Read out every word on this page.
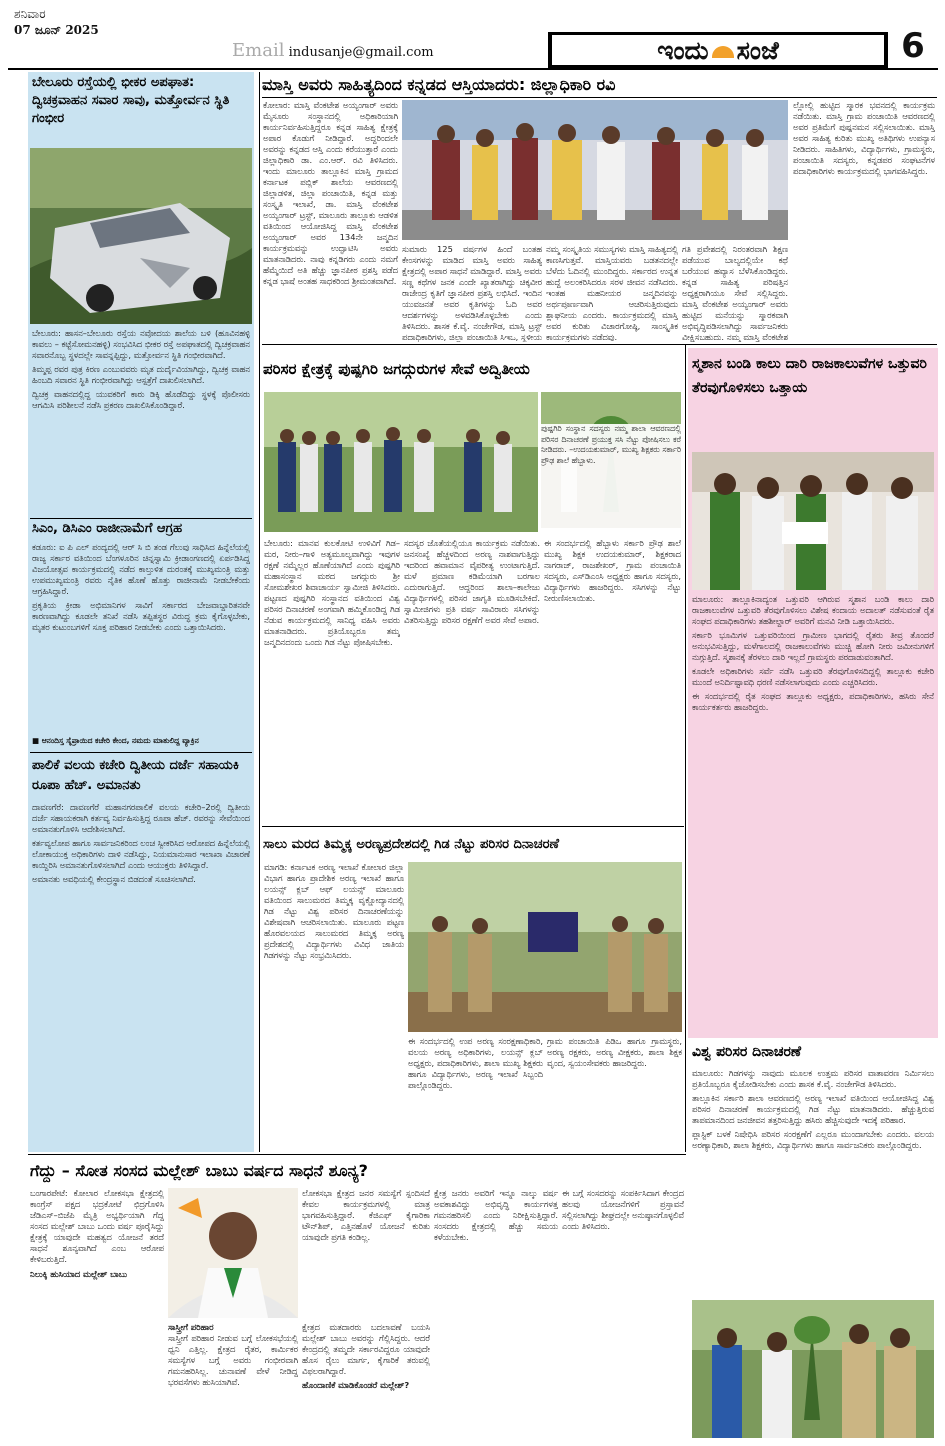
ಶನಿವಾರ
07 ಜೂನ್ 2025
Email indusanje@gmail.com	ಇಂದು ಸಂಜೆ	6
ಬೇಲೂರು ರಸ್ತೆಯಲ್ಲಿ ಭೀಕರ ಅಪಘಾತ: ದ್ವಿಚಕ್ರವಾಹನ ಸವಾರ ಸಾವು, ಮತ್ತೋರ್ವನ ಸ್ಥಿತಿ ಗಂಭೀರ

ಬೇಲೂರು: ಹಾಸನ–ಬೇಲೂರು ರಸ್ತೆಯ ನವೋದಯ ಶಾಲೆಯ ಬಳಿ (ಹೂವಿನಹಳ್ಳಿ ಕಾವಲು – ಕಟ್ಟೆಸೋಮನಹಳ್ಳಿ) ಸಂಭವಿಸಿದ ಭೀಕರ ರಸ್ತೆ ಅಪಘಾತದಲ್ಲಿ ದ್ವಿಚಕ್ರವಾಹನ ಸವಾರನೊಬ್ಬ ಸ್ಥಳದಲ್ಲೇ ಸಾವನ್ನಪ್ಪಿದ್ದು, ಮತ್ತೋರ್ವನ ಸ್ಥಿತಿ ಗಂಭೀರವಾಗಿದೆ.

ತಿಮ್ಮಪ್ಪ ರವರ ಪುತ್ರ ಕಿರಣ ಎಂಬುವವರು ಮೃತ ದುರ್ದೈವಿಯಾಗಿದ್ದು, ದ್ವಿಚಕ್ರ ವಾಹನ ಹಿಂಬದಿ ಸವಾರನ ಸ್ಥಿತಿ ಗಂಭೀರವಾಗಿದ್ದು ಆಸ್ಪತ್ರೆಗೆ ದಾಖಲಿಸಲಾಗಿದೆ.

ದ್ವಿಚಕ್ರ ವಾಹನದಲ್ಲಿದ್ದ ಯುವಕರಿಗೆ ಕಾರು ಡಿಕ್ಕಿ ಹೊಡೆದಿದ್ದು ಸ್ಥಳಕ್ಕೆ ಪೊಲೀಸರು ಆಗಮಿಸಿ ಪರಿಶೀಲನೆ ನಡೆಸಿ ಪ್ರಕರಣ ದಾಖಲಿಸಿಕೊಂಡಿದ್ದಾರೆ.

ಸಿಎಂ, ಡಿಸಿಎಂ ರಾಜೀನಾಮೆಗೆ ಆಗ್ರಹ

ಕಡೂರು: ಐ ಪಿ ಎಲ್ ಪಂದ್ಯದಲ್ಲಿ ಆರ್ ಸಿ ಬಿ ತಂಡ ಗೆಲುವು ಸಾಧಿಸಿದ ಹಿನ್ನೆಲೆಯಲ್ಲಿ ರಾಜ್ಯ ಸರ್ಕಾರ ವತಿಯಿಂದ ಬೆಂಗಳೂರಿನ ಚಿನ್ನಸ್ವಾಮಿ ಕ್ರೀಡಾಂಗಣದಲ್ಲಿ ಏರ್ಪಡಿಸಿದ್ದ ವಿಜಯೋತ್ಸವ ಕಾರ್ಯಕ್ರಮದಲ್ಲಿ ನಡೆದ ಕಾಲ್ತುಳಿತ ದುರಂತಕ್ಕೆ ಮುಖ್ಯಮಂತ್ರಿ ಮತ್ತು ಉಪಮುಖ್ಯಮಂತ್ರಿ ರವರು ನೈತಿಕ ಹೊಣೆ ಹೊತ್ತು ರಾಜೀನಾಮೆ ನೀಡಬೇಕೆಂದು ಆಗ್ರಹಿಸಿದ್ದಾರೆ.

ಪ್ರಕೃತಿಯ ಕ್ರೀಡಾ ಅಭಿಮಾನಿಗಳ ಸಾವಿಗೆ ಸರ್ಕಾರದ ಬೇಜವಾಬ್ದಾರಿತನವೇ ಕಾರಣವಾಗಿದ್ದು ಕೂಡಲೇ ತನಿಖೆ ನಡೆಸಿ ತಪ್ಪಿತಸ್ಥರ ವಿರುದ್ಧ ಕ್ರಮ ಕೈಗೊಳ್ಳಬೇಕು, ಮೃತರ ಕುಟುಂಬಗಳಿಗೆ ಸೂಕ್ತ ಪರಿಹಾರ ನೀಡಬೇಕು ಎಂದು ಒತ್ತಾಯಿಸಿದರು.

■ ಆನಂದಿಸ್ತ ಸೈಪ್ರಾಯಿದ ಕಚೇರಿ ಕೇಂದ, ನಮದು ಮಾತುಲಿದ್ದ ವ್ಯಾಕ್ರಿನ
ಪಾಲಿಕೆ ವಲಯ ಕಚೇರಿ ದ್ವಿತೀಯ ದರ್ಜೆ ಸಹಾಯಕಿ ರೂಪಾ ಹೆಚ್. ಅಮಾನತು

ದಾವಣಗೆರೆ: ದಾವಣಗೆರೆ ಮಹಾನಗರಪಾಲಿಕೆ ವಲಯ ಕಚೇರಿ–2ರಲ್ಲಿ ದ್ವಿತೀಯ ದರ್ಜೆ ಸಹಾಯಕರಾಗಿ ಕರ್ತವ್ಯ ನಿರ್ವಹಿಸುತ್ತಿದ್ದ ರೂಪಾ ಹೆಚ್. ರವರನ್ನು ಸೇವೆಯಿಂದ ಅಮಾನತುಗೊಳಿಸಿ ಆದೇಶಿಸಲಾಗಿದೆ.

ಕರ್ತವ್ಯಲೋಪ ಹಾಗೂ ಸಾರ್ವಜನಿಕರಿಂದ ಲಂಚ ಸ್ವೀಕರಿಸಿದ ಆರೋಪದ ಹಿನ್ನೆಲೆಯಲ್ಲಿ ಲೋಕಾಯುಕ್ತ ಅಧಿಕಾರಿಗಳು ದಾಳಿ ನಡೆಸಿದ್ದು, ನಿಯಮಾನುಸಾರ ಇಲಾಖಾ ವಿಚಾರಣೆ ಕಾಯ್ದಿರಿಸಿ ಅಮಾನತುಗೊಳಿಸಲಾಗಿದೆ ಎಂದು ಆಯುಕ್ತರು ತಿಳಿಸಿದ್ದಾರೆ.

ಅಮಾನತು ಅವಧಿಯಲ್ಲಿ ಕೇಂದ್ರಸ್ಥಾನ ಬಿಡದಂತೆ ಸೂಚಿಸಲಾಗಿದೆ.

ಮಾಸ್ತಿ ಅವರು ಸಾಹಿತ್ಯದಿಂದ ಕನ್ನಡದ ಆಸ್ತಿಯಾದರು: ಜಿಲ್ಲಾಧಿಕಾರಿ ರವಿ
ಕೋಲಾರ: ಮಾಸ್ತಿ ವೆಂಕಟೇಶ ಅಯ್ಯಂಗಾರ್ ಅವರು ಮೈಸೂರು ಸಂಸ್ಥಾನದಲ್ಲಿ ಅಧಿಕಾರಿಯಾಗಿ ಕಾರ್ಯನಿರ್ವಹಿಸುತ್ತಿದ್ದರೂ ಕನ್ನಡ ಸಾಹಿತ್ಯ ಕ್ಷೇತ್ರಕ್ಕೆ ಅಪಾರ ಕೊಡುಗೆ ನೀಡಿದ್ದಾರೆ. ಅದ್ದರಿಂದಲೇ ಅವರನ್ನು ಕನ್ನಡದ ಆಸ್ತಿ ಎಂದು ಕರೆಯುತ್ತಾರೆ ಎಂದು ಜಿಲ್ಲಾಧಿಕಾರಿ ಡಾ. ಎಂ.ಆರ್. ರವಿ ತಿಳಿಸಿದರು. ಇಂದು ಮಾಲೂರು ತಾಲ್ಲೂಕಿನ ಮಾಸ್ತಿ ಗ್ರಾಮದ ಕರ್ನಾಟಕ ಪಬ್ಲಿಕ್ ಶಾಲೆಯ ಆವರಣದಲ್ಲಿ ಜಿಲ್ಲಾಡಳಿತ, ಜಿಲ್ಲಾ ಪಂಚಾಯಿತಿ, ಕನ್ನಡ ಮತ್ತು ಸಂಸ್ಕೃತಿ ಇಲಾಖೆ, ಡಾ. ಮಾಸ್ತಿ ವೆಂಕಟೇಶ ಅಯ್ಯಂಗಾರ್ ಟ್ರಸ್ಟ್, ಮಾಲೂರು ತಾಲ್ಲೂಕು ಆಡಳಿತ ವತಿಯಿಂದ ಆಯೋಜಿಸಿದ್ದ ಮಾಸ್ತಿ ವೆಂಕಟೇಶ ಅಯ್ಯಂಗಾರ್ ಅವರ 134ನೇ ಜನ್ಮದಿನ ಕಾರ್ಯಕ್ರಮವನ್ನು ಉದ್ಘಾಟಿಸಿ ಅವರು ಮಾತನಾಡಿದರು. ನಾವು ಕನ್ನಡಿಗರು ಎಂದು ನಮಗೆ ಹೆಮ್ಮೆಯಿದೆ ಅತಿ ಹೆಚ್ಚು ಜ್ಞಾನಪೀಠ ಪ್ರಶಸ್ತಿ ಪಡೆದ ಕನ್ನಡ ಭಾಷೆ ಅಂತಹ ಸಾಧಕರಿಂದ ಶ್ರೀಮಂತವಾಗಿದೆ.
ಸುಮಾರು 125 ವರ್ಷಗಳ ಹಿಂದೆ ಬಂತಹ ಕೇಂಸಗಳನ್ನು ಮಾಡಿದ ಮಾಸ್ತಿ ಅವರು ಸಾಹಿತ್ಯ ಕ್ಷೇತ್ರದಲ್ಲಿ ಅಪಾರ ಸಾಧನೆ ಮಾಡಿದ್ದಾರೆ. ಮಾಸ್ತಿ ಅವರು ಸಣ್ಣ ಕಥೆಗಳ ಜನಕ ಎಂದೇ ಖ್ಯಾತರಾಗಿದ್ದು ಚಿಕ್ಕವೀರ ರಾಜೇಂದ್ರ ಕೃತಿಗೆ ಜ್ಞಾನಪೀಠ ಪ್ರಶಸ್ತಿ ಲಭಿಸಿದೆ. ಇಂದಿನ ಯುವಜನತೆ ಅವರ ಕೃತಿಗಳನ್ನು ಓದಿ ಅವರ ಆದರ್ಶಗಳನ್ನು ಅಳವಡಿಸಿಕೊಳ್ಳಬೇಕು ಎಂದು ತಿಳಿಸಿದರು. ಶಾಸಕ ಕೆ.ವೈ. ನಂಜೇಗೌಡ, ಮಾಸ್ತಿ ಟ್ರಸ್ಟ್ ಪದಾಧಿಕಾರಿಗಳು, ಜಿಲ್ಲಾ ಪಂಚಾಯಿತಿ ಸಿಇಒ, ಸ್ಥಳೀಯ
ನಮ್ಮ ಸಂಸ್ಕೃತಿಯ ಸಮುಸ್ಯಗಳು ಮಾಸ್ತಿ ಸಾಹಿತ್ಯದಲ್ಲಿ ಕಾಣಸಿಗುತ್ತವೆ. ಮಾಸ್ತಿಯವರು ಬಡತನದಲ್ಲೇ ಬೆಳೆದು ಓದಿನಲ್ಲಿ ಮುಂದಿದ್ದರು. ಸರ್ಕಾರದ ಉನ್ನತ ಹುದ್ದೆ ಅಲಂಕರಿಸಿದರೂ ಸರಳ ಜೀವನ ನಡೆಸಿದರು. ಇಂತಹ ಮಹನೀಯರ ಜನ್ಮದಿನವನ್ನು ಅರ್ಥಪೂರ್ಣವಾಗಿ ಆಚರಿಸುತ್ತಿರುವುದು ಶ್ಲಾಘನೀಯ ಎಂದರು. ಕಾರ್ಯಕ್ರಮದಲ್ಲಿ ಮಾಸ್ತಿ ಅವರ ಕುರಿತು ವಿಚಾರಗೋಷ್ಠಿ, ಸಾಂಸ್ಕೃತಿಕ ಕಾರ್ಯಕ್ರಮಗಳು ನಡೆದವು.
ಗತಿ ಪ್ರವೇಶದಲ್ಲಿ ನಿರಂತರವಾಗಿ ಶಿಕ್ಷಣ ಪಡೆಯುವ ಬಾಲ್ಯದಲ್ಲಿಯೇ ಕಥೆ ಬರೆಯುವ ಹವ್ಯಾಸ ಬೆಳೆಸಿಕೊಂಡಿದ್ದರು. ಕನ್ನಡ ಸಾಹಿತ್ಯ ಪರಿಷತ್ತಿನ ಅಧ್ಯಕ್ಷರಾಗಿಯೂ ಸೇವೆ ಸಲ್ಲಿಸಿದ್ದರು. ಮಾಸ್ತಿ ವೆಂಕಟೇಶ ಅಯ್ಯಂಗಾರ್ ಅವರು ಹುಟ್ಟಿದ ಮನೆಯನ್ನು ಸ್ಮಾರಕವಾಗಿ ಅಭಿವೃದ್ಧಿಪಡಿಸಲಾಗಿದ್ದು ಸಾರ್ವಜನಿಕರು ವೀಕ್ಷಿಸಬಹುದು. ನಮ್ಮ ಮಾಸ್ತಿ ವೆಂಕಟೇಶ
ಲ್ಲೋಲ್ಲಿ ಹುಟ್ಟಿದ ಸ್ಮಾರಕ ಭವನದಲ್ಲಿ ಕಾರ್ಯಕ್ರಮ ನಡೆಯಿತು. ಮಾಸ್ತಿ ಗ್ರಾಮ ಪಂಚಾಯಿತಿ ಆವರಣದಲ್ಲಿ ಅವರ ಪ್ರತಿಮೆಗೆ ಪುಷ್ಪನಮನ ಸಲ್ಲಿಸಲಾಯಿತು. ಮಾಸ್ತಿ ಅವರ ಸಾಹಿತ್ಯ ಕುರಿತು ಮುಖ್ಯ ಅತಿಥಿಗಳು ಉಪನ್ಯಾಸ ನೀಡಿದರು. ಸಾಹಿತಿಗಳು, ವಿದ್ಯಾರ್ಥಿಗಳು, ಗ್ರಾಮಸ್ಥರು, ಪಂಚಾಯಿತಿ ಸದಸ್ಯರು, ಕನ್ನಡಪರ ಸಂಘಟನೆಗಳ ಪದಾಧಿಕಾರಿಗಳು ಕಾರ್ಯಕ್ರಮದಲ್ಲಿ ಭಾಗವಹಿಸಿದ್ದರು.
ಪರಿಸರ ಕ್ಷೇತ್ರಕ್ಕೆ ಪುಷ್ಪಗಿರಿ ಜಗದ್ಗುರುಗಳ ಸೇವೆ ಅದ್ವಿತೀಯ
ಪುಷ್ಪಗಿರಿ ಸಂಸ್ಥಾನ ಸದಸ್ಯರು ನಮ್ಮ ಶಾಲಾ ಆವರಣದಲ್ಲಿ ಪರಿಸರ ದಿನಾಚರಣೆ ಪ್ರಯುಕ್ತ ಸಸಿ ನೆಟ್ಟು ಪೋಷಿಸಲು ಕರೆ ನೀಡಿದರು. –ಉದಯಕುಮಾರ್, ಮುಖ್ಯ ಶಿಕ್ಷಕರು ಸರ್ಕಾರಿ ಪ್ರೌಢ ಶಾಲೆ ಹೆಬ್ಬಾಳು.
ಬೇಲೂರು: ಮಾನವ ಕುಲಕೋಟಿ ಉಳಿವಿಗೆ ಗಿಡ–ಮರ, ನೀರು–ಗಾಳಿ ಅತ್ಯಮೂಲ್ಯವಾಗಿದ್ದು ಇವುಗಳ ರಕ್ಷಣೆ ನಮ್ಮೆಲ್ಲರ ಹೊಣೆಯಾಗಿದೆ ಎಂದು ಪುಷ್ಪಗಿರಿ ಮಹಾಸಂಸ್ಥಾನ ಮಠದ ಜಗದ್ಗುರು ಶ್ರೀ ಸೋಮಶೇಖರ ಶಿವಾಚಾರ್ಯ ಸ್ವಾಮೀಜಿ ತಿಳಿಸಿದರು. ಪಟ್ಟಣದ ಪುಷ್ಪಗಿರಿ ಸಂಸ್ಥಾನದ ವತಿಯಿಂದ ವಿಶ್ವ ಪರಿಸರ ದಿನಾಚರಣೆ ಅಂಗವಾಗಿ ಹಮ್ಮಿಕೊಂಡಿದ್ದ ಗಿಡ ನೆಡುವ ಕಾರ್ಯಕ್ರಮದಲ್ಲಿ ಸಾನಿಧ್ಯ ವಹಿಸಿ ಅವರು ಮಾತನಾಡಿದರು. ಪ್ರತಿಯೊಬ್ಬರೂ ತಮ್ಮ ಜನ್ಮದಿನದಂದು ಒಂದು ಗಿಡ ನೆಟ್ಟು ಪೋಷಿಸಬೇಕು.
ಸದಸ್ಯರ ಜೊತೆಯಲ್ಲಿಯೂ ಕಾರ್ಯಕ್ರಮ ನಡೆಯಿತು. ಜನಸಂಖ್ಯೆ ಹೆಚ್ಚಳದಿಂದ ಅರಣ್ಯ ನಾಶವಾಗುತ್ತಿದ್ದು ಇದರಿಂದ ಹವಾಮಾನ ವೈಪರೀತ್ಯ ಉಂಟಾಗುತ್ತಿದೆ. ಮಳೆ ಪ್ರಮಾಣ ಕಡಿಮೆಯಾಗಿ ಬರಗಾಲ ಎದುರಾಗುತ್ತಿದೆ. ಆದ್ದರಿಂದ ಶಾಲಾ–ಕಾಲೇಜು ವಿದ್ಯಾರ್ಥಿಗಳಲ್ಲಿ ಪರಿಸರ ಜಾಗೃತಿ ಮೂಡಿಸಬೇಕಿದೆ. ಸ್ವಾಮೀಜಿಗಳು ಪ್ರತಿ ವರ್ಷ ಸಾವಿರಾರು ಸಸಿಗಳನ್ನು ವಿತರಿಸುತ್ತಿದ್ದು ಪರಿಸರ ರಕ್ಷಣೆಗೆ ಅವರ ಸೇವೆ ಅಪಾರ.
ಈ ಸಂದರ್ಭದಲ್ಲಿ ಹೆಬ್ಬಾಳು ಸರ್ಕಾರಿ ಪ್ರೌಢ ಶಾಲೆ ಮುಖ್ಯ ಶಿಕ್ಷಕ ಉದಯಕುಮಾರ್, ಶಿಕ್ಷಕರಾದ ನಾಗರಾಜ್, ರಾಜಶೇಖರ್, ಗ್ರಾಮ ಪಂಚಾಯಿತಿ ಸದಸ್ಯರು, ಎಸ್‌ಡಿಎಂಸಿ ಅಧ್ಯಕ್ಷರು ಹಾಗೂ ಸದಸ್ಯರು, ವಿದ್ಯಾರ್ಥಿಗಳು ಹಾಜರಿದ್ದರು. ಸಸಿಗಳನ್ನು ನೆಟ್ಟು ನೀರುಣಿಸಲಾಯಿತು.
ಸಾಲು ಮರದ ತಿಮ್ಮಕ್ಕ ಅರಣ್ಯಪ್ರದೇಶದಲ್ಲಿ ಗಿಡ ನೆಟ್ಟು ಪರಿಸರ ದಿನಾಚರಣೆ
ಮಾಗಡಿ: ಕರ್ನಾಟಕ ಅರಣ್ಯ ಇಲಾಖೆ ಕೋಲಾರ ಜಿಲ್ಲಾ ವಿಭಾಗ ಹಾಗೂ ಪ್ರಾದೇಶಿಕ ಅರಣ್ಯ ಇಲಾಖೆ ಹಾಗೂ ಲಯನ್ಸ್ ಕ್ಲಬ್ ಆಫ್ ಲಯನ್ಸ್ ಮಾಲೂರು ವತಿಯಿಂದ ಸಾಲುಮರದ ತಿಮ್ಮಕ್ಕ ವೃಕ್ಷೋದ್ಯಾನದಲ್ಲಿ ಗಿಡ ನೆಟ್ಟು ವಿಶ್ವ ಪರಿಸರ ದಿನಾಚರಣೆಯನ್ನು ವಿಶೇಷವಾಗಿ ಆಚರಿಸಲಾಯಿತು. ಮಾಲೂರು ಪಟ್ಟಣ ಹೊರವಲಯದ ಸಾಲುಮರದ ತಿಮ್ಮಕ್ಕ ಅರಣ್ಯ ಪ್ರದೇಶದಲ್ಲಿ ವಿದ್ಯಾರ್ಥಿಗಳು ವಿವಿಧ ಜಾತಿಯ ಗಿಡಗಳನ್ನು ನೆಟ್ಟು ಸಂಭ್ರಮಿಸಿದರು.
ಈ ಸಂದರ್ಭದಲ್ಲಿ ಉಪ ಅರಣ್ಯ ಸಂರಕ್ಷಣಾಧಿಕಾರಿ, ವಲಯ ಅರಣ್ಯ ಅಧಿಕಾರಿಗಳು, ಲಯನ್ಸ್ ಕ್ಲಬ್ ಅಧ್ಯಕ್ಷರು, ಪದಾಧಿಕಾರಿಗಳು, ಶಾಲಾ ಮುಖ್ಯ ಶಿಕ್ಷಕರು ಹಾಗೂ ವಿದ್ಯಾರ್ಥಿಗಳು, ಅರಣ್ಯ ಇಲಾಖೆ ಸಿಬ್ಬಂದಿ ಪಾಲ್ಗೊಂಡಿದ್ದರು.
ಗ್ರಾಮ ಪಂಚಾಯಿತಿ ಪಿಡಿಒ ಹಾಗೂ ಗ್ರಾಮಸ್ಥರು, ಅರಣ್ಯ ರಕ್ಷಕರು, ಅರಣ್ಯ ವೀಕ್ಷಕರು, ಶಾಲಾ ಶಿಕ್ಷಕ ವೃಂದ, ಸ್ವಯಂಸೇವಕರು ಹಾಜರಿದ್ದರು.
ಸ್ಮಶಾನ ಬಂಡಿ ಕಾಲು ದಾರಿ ರಾಜಕಾಲುವೆಗಳ ಒತ್ತುವರಿ ತೆರವುಗೊಳಿಸಲು ಒತ್ತಾಯ

ಮಾಲೂರು: ತಾಲ್ಲೂಕಿನಾದ್ಯಂತ ಒತ್ತುವರಿ ಆಗಿರುವ ಸ್ಮಶಾನ ಬಂಡಿ ಕಾಲು ದಾರಿ ರಾಜಕಾಲುವೆಗಳ ಒತ್ತುವರಿ ತೆರವುಗೊಳಿಸಲು ವಿಶೇಷ ಕಂದಾಯ ಅದಾಲತ್ ನಡೆಸುವಂತೆ ರೈತ ಸಂಘದ ಪದಾಧಿಕಾರಿಗಳು ತಹಶೀಲ್ದಾರ್ ಅವರಿಗೆ ಮನವಿ ನೀಡಿ ಒತ್ತಾಯಿಸಿದರು.

ಸರ್ಕಾರಿ ಭೂಮಿಗಳ ಒತ್ತುವರಿಯಿಂದ ಗ್ರಾಮೀಣ ಭಾಗದಲ್ಲಿ ರೈತರು ತೀವ್ರ ತೊಂದರೆ ಅನುಭವಿಸುತ್ತಿದ್ದು, ಮಳೆಗಾಲದಲ್ಲಿ ರಾಜಕಾಲುವೆಗಳು ಮುಚ್ಚಿ ಹೋಗಿ ನೀರು ಜಮೀನುಗಳಿಗೆ ನುಗ್ಗುತ್ತಿದೆ. ಸ್ಮಶಾನಕ್ಕೆ ತೆರಳಲು ದಾರಿ ಇಲ್ಲದೆ ಗ್ರಾಮಸ್ಥರು ಪರದಾಡುವಂತಾಗಿದೆ.

ಕೂಡಲೇ ಅಧಿಕಾರಿಗಳು ಸರ್ವೆ ನಡೆಸಿ ಒತ್ತುವರಿ ತೆರವುಗೊಳಿಸದಿದ್ದಲ್ಲಿ ತಾಲ್ಲೂಕು ಕಚೇರಿ ಮುಂದೆ ಅನಿರ್ದಿಷ್ಟಾವಧಿ ಧರಣಿ ನಡೆಸಲಾಗುವುದು ಎಂದು ಎಚ್ಚರಿಸಿದರು.

ಈ ಸಂದರ್ಭದಲ್ಲಿ ರೈತ ಸಂಘದ ತಾಲ್ಲೂಕು ಅಧ್ಯಕ್ಷರು, ಪದಾಧಿಕಾರಿಗಳು, ಹಸಿರು ಸೇನೆ ಕಾರ್ಯಕರ್ತರು ಹಾಜರಿದ್ದರು.

ವಿಶ್ವ ಪರಿಸರ ದಿನಾಚರಣೆ

ಮಾಲೂರು: ಗಿಡಗಳನ್ನು ನಾವುದು ಮೂಲಕ ಉತ್ತಮ ಪರಿಸರ ವಾತಾವರಣ ನಿರ್ಮಿಸಲು ಪ್ರತಿಯೊಬ್ಬರೂ ಕೈಜೋಡಿಸಬೇಕು ಎಂದು ಶಾಸಕ ಕೆ.ವೈ. ನಂಜೇಗೌಡ ತಿಳಿಸಿದರು.

ತಾಲ್ಲೂಕಿನ ಸರ್ಕಾರಿ ಶಾಲಾ ಆವರಣದಲ್ಲಿ ಅರಣ್ಯ ಇಲಾಖೆ ವತಿಯಿಂದ ಆಯೋಜಿಸಿದ್ದ ವಿಶ್ವ ಪರಿಸರ ದಿನಾಚರಣೆ ಕಾರ್ಯಕ್ರಮದಲ್ಲಿ ಗಿಡ ನೆಟ್ಟು ಮಾತನಾಡಿದರು. ಹೆಚ್ಚುತ್ತಿರುವ ತಾಪಮಾನದಿಂದ ಜನಜೀವನ ತತ್ತರಿಸುತ್ತಿದ್ದು ಹಸಿರು ಹೆಚ್ಚಿಸುವುದೇ ಇದಕ್ಕೆ ಪರಿಹಾರ.

ಪ್ಲಾಸ್ಟಿಕ್ ಬಳಕೆ ನಿಷೇಧಿಸಿ ಪರಿಸರ ಸಂರಕ್ಷಣೆಗೆ ಎಲ್ಲರೂ ಮುಂದಾಗಬೇಕು ಎಂದರು. ವಲಯ ಅರಣ್ಯಾಧಿಕಾರಿ, ಶಾಲಾ ಶಿಕ್ಷಕರು, ವಿದ್ಯಾರ್ಥಿಗಳು ಹಾಗೂ ಸಾರ್ವಜನಿಕರು ಪಾಲ್ಗೊಂಡಿದ್ದರು.

ಗೆದ್ದು – ಸೋತ ಸಂಸದ ಮಲ್ಲೇಶ್ ಬಾಬು ವರ್ಷದ ಸಾಧನೆ ಶೂನ್ಯ?
ಬಂಗಾರಪೇಟೆ: ಕೋಲಾರ ಲೋಕಸಭಾ ಕ್ಷೇತ್ರದಲ್ಲಿ ಕಾಂಗ್ರೆಸ್ ಪಕ್ಷದ ಭದ್ರಕೋಟೆ ಛಿದ್ರಗೊಳಿಸಿ ಜೆಡಿಎಸ್–ಬಿಜೆಪಿ ಮೈತ್ರಿ ಅಭ್ಯರ್ಥಿಯಾಗಿ ಗೆದ್ದ ಸಂಸದ ಮಲ್ಲೇಶ್ ಬಾಬು ಒಂದು ವರ್ಷ ಪೂರೈಸಿದ್ದು ಕ್ಷೇತ್ರಕ್ಕೆ ಯಾವುದೇ ಮಹತ್ವದ ಯೋಜನೆ ತರದೆ ಸಾಧನೆ ಶೂನ್ಯವಾಗಿದೆ ಎಂಬ ಆರೋಪ ಕೇಳಿಬರುತ್ತಿದೆ.
ನಿಲುಕ್ಕಿ ಹುಸಿಯಾದ ಮಲ್ಲೇಶ್ ಬಾಬು
ಸಾಸ್ತ್ರೀಗೆ ಪರಿಹಾರ
ಸಾಸ್ತ್ರೀಗೆ ಪರಿಹಾರ ನೀಡುವ ಬಗ್ಗೆ ಲೋಕಸಭೆಯಲ್ಲಿ ಧ್ವನಿ ಎತ್ತಿಲ್ಲ. ಕ್ಷೇತ್ರದ ರೈತರ, ಕಾರ್ಮಿಕರ ಸಮಸ್ಯೆಗಳ ಬಗ್ಗೆ ಅವರು ಗಂಭೀರವಾಗಿ ಗಮನಹರಿಸಿಲ್ಲ. ಚುನಾವಣೆ ವೇಳೆ ನೀಡಿದ್ದ ಭರವಸೆಗಳು ಹುಸಿಯಾಗಿವೆ.
ಕ್ಷೇತ್ರದ ಮತದಾರರು ಬದಲಾವಣೆ ಬಯಸಿ ಮಲ್ಲೇಶ್ ಬಾಬು ಅವರನ್ನು ಗೆಲ್ಲಿಸಿದ್ದರು. ಆದರೆ ಕೇಂದ್ರದಲ್ಲಿ ತಮ್ಮದೇ ಸರ್ಕಾರವಿದ್ದರೂ ಯಾವುದೇ ಹೊಸ ರೈಲು ಮಾರ್ಗ, ಕೈಗಾರಿಕೆ ತರುವಲ್ಲಿ ವಿಫಲರಾಗಿದ್ದಾರೆ.
ಹೊಂದಾಣಿಕೆ ಮಾಡಿಕೊಂಡರೆ ಮಲ್ಲೇಶ್?
ಲೋಕಸಭಾ ಕ್ಷೇತ್ರದ ಜನರ ಸಮಸ್ಯೆಗೆ ಸ್ಪಂದಿಸದೆ ಕೇವಲ ಕಾರ್ಯಕ್ರಮಗಳಲ್ಲಿ ಮಾತ್ರ ಭಾಗವಹಿಸುತ್ತಿದ್ದಾರೆ. ಕೆಜಿಎಫ್ ಕೈಗಾರಿಕಾ ಟೌನ್‌ಶಿಪ್, ಎತ್ತಿನಹೊಳೆ ಯೋಜನೆ ಕುರಿತು ಯಾವುದೇ ಪ್ರಗತಿ ಕಂಡಿಲ್ಲ.
ಕ್ಷೇತ್ರ ಜನರು ಅವರಿಗೆ ಇನ್ನೂ ನಾಲ್ಕು ವರ್ಷ ಅವಕಾಶವಿದ್ದು ಅಭಿವೃದ್ಧಿ ಕಾರ್ಯಗಳತ್ತ ಗಮನಹರಿಸಲಿ ಎಂದು ನಿರೀಕ್ಷಿಸುತ್ತಿದ್ದಾರೆ. ಸಂಸದರು ಕ್ಷೇತ್ರದಲ್ಲಿ ಹೆಚ್ಚು ಸಮಯ ಕಳೆಯಬೇಕು.
ಈ ಬಗ್ಗೆ ಸಂಸದರನ್ನು ಸಂಪರ್ಕಿಸಿದಾಗ ಕೇಂದ್ರದ ಹಲವು ಯೋಜನೆಗಳಿಗೆ ಪ್ರಸ್ತಾವನೆ ಸಲ್ಲಿಸಲಾಗಿದ್ದು ಶೀಘ್ರದಲ್ಲೇ ಅನುಷ್ಠಾನಗೊಳ್ಳಲಿವೆ ಎಂದು ತಿಳಿಸಿದರು.
